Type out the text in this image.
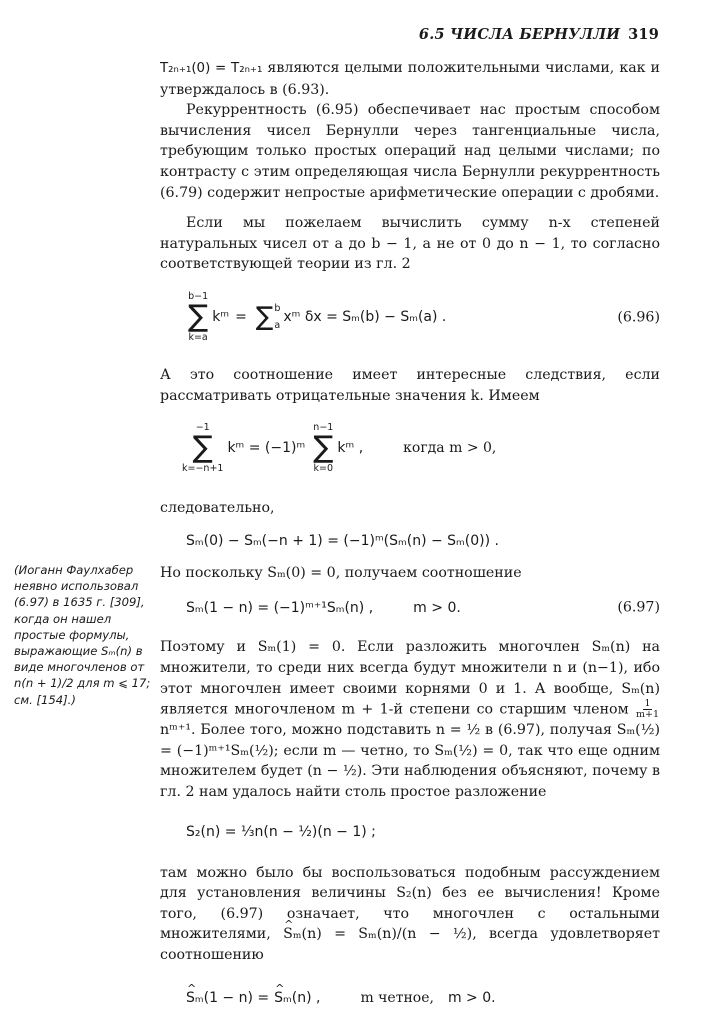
6.5 ЧИСЛА БЕРНУЛЛИ 319
(Иоганн Фаулхабер неявно использовал (6.97) в 1635 г. [309], когда он нашел простые формулы, выражающие Sₘ(n) в виде многочленов от n(n + 1)/2 для m ⩽ 17; см. [154].)

T₂ₙ₊₁(0) = T₂ₙ₊₁ являются целыми положительными числами, как и утверждалось в (6.93).

Рекуррентность (6.95) обеспечивает нас простым способом вычисления чисел Бернулли через тангенциальные числа, требующим только простых операций над целыми числами; по контрасту с этим определяющая числа Бернулли рекуррентность (6.79) содержит непростые арифметические операции с дробями.

Если мы пожелаем вычислить сумму n-х степеней натуральных чисел от a до b − 1, а не от 0 до n − 1, то согласно соответствующей теории из гл. 2

b−1
∑
k=a
kᵐ = ∑ b
a
xᵐ δx = Sₘ(b) − Sₘ(a) .	(6.96)

А это соотношение имеет интересные следствия, если рассматривать отрицательные значения k. Имеем

−1
∑
k=−n+1
kᵐ = (−1)ᵐ
n−1
∑
k=0
kᵐ ,	когда m > 0,

следовательно,

Sₘ(0) − Sₘ(−n + 1) = (−1)ᵐ(Sₘ(n) − Sₘ(0)) .

Но поскольку Sₘ(0) = 0, получаем соотношение

Sₘ(1 − n) = (−1)ᵐ⁺¹Sₘ(n) ,	m > 0.	(6.97)

Поэтому и Sₘ(1) = 0. Если разложить многочлен Sₘ(n) на множители, то среди них всегда будут множители n и (n−1), ибо этот многочлен имеет своими корнями 0 и 1. А вообще, Sₘ(n) является многочленом m + 1-й степени со старшим членом $\frac{1}{m+1}$
nᵐ⁺¹. Более того, можно подставить n = ½ в (6.97), получая Sₘ(½) = (−1)ᵐ⁺¹Sₘ(½); если m — четно, то Sₘ(½) = 0, так что еще одним множителем будет (n − ½). Эти наблюдения объясняют, почему в гл. 2 нам удалось найти столь простое разложение

S₂(n) = ⅓n(n − ½)(n − 1) ;

там можно было бы воспользоваться подобным рассуждением для установления величины S₂(n) без ее вычисления! Кроме того, (6.97) означает, что многочлен с остальными множителями, ^ Sₘ(n) = Sₘ(n)/(n − ½), всегда удовлетворяет соотношению

^ S ₘ(1 − n) = ^ S ₘ(n) ,	m четное, m > 0.
